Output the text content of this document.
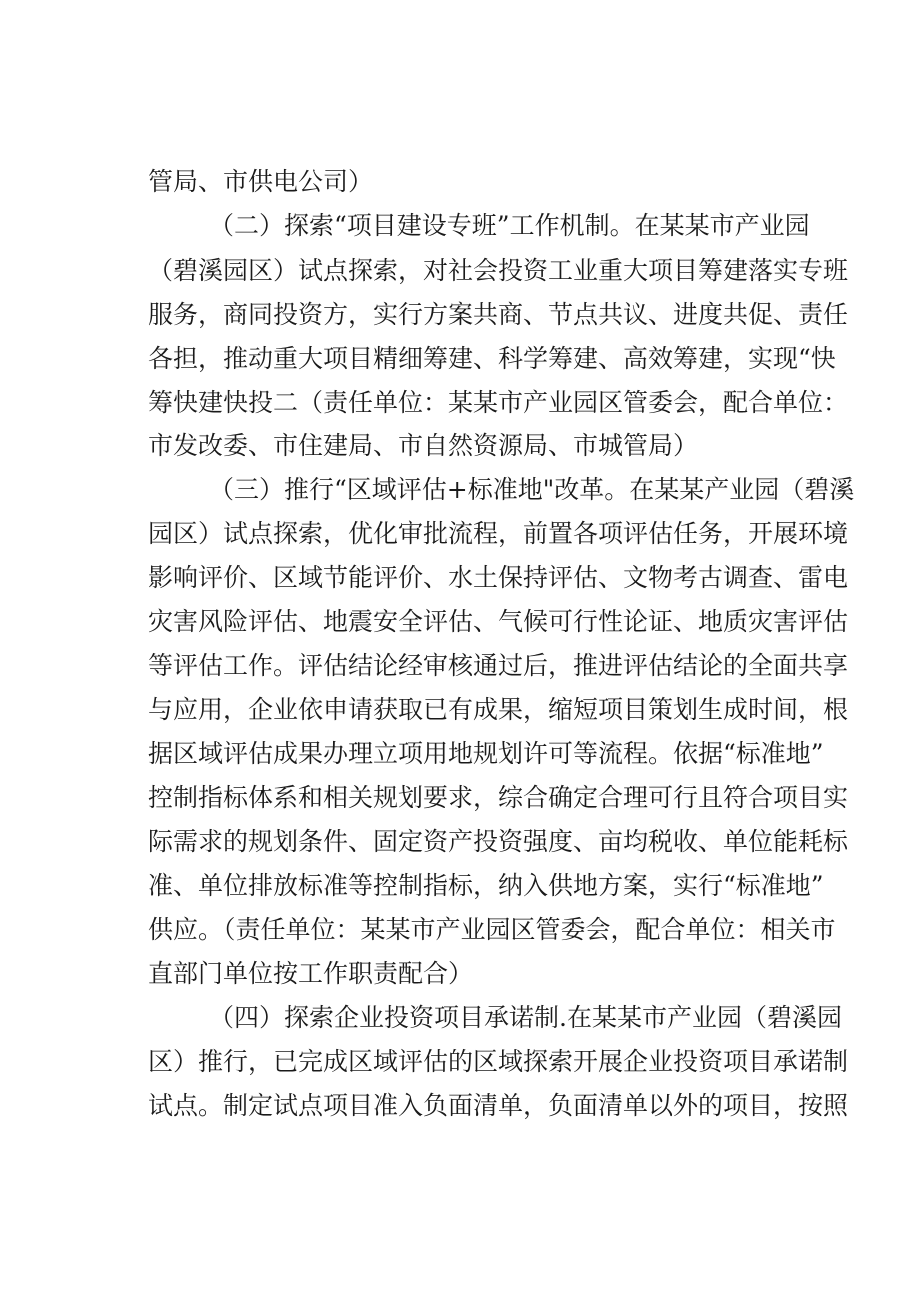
管局、市供电公司）
（二）探索“项目建设专班”工作机制。在某某市产业园
（碧溪园区）试点探索，对社会投资工业重大项目筹建落实专班
服务，商同投资方，实行方案共商、节点共议、进度共促、责任
各担，推动重大项目精细筹建、科学筹建、高效筹建，实现“快
筹快建快投二（责任单位：某某市产业园区管委会，配合单位：
市发改委、市住建局、市自然资源局、市城管局）
（三）推行“区域评估+标准地"改革。在某某产业园（碧溪
园区）试点探索，优化审批流程，前置各项评估任务，开展环境
影响评价、区域节能评价、水土保持评估、文物考古调查、雷电
灾害风险评估、地震安全评估、气候可行性论证、地质灾害评估
等评估工作。评估结论经审核通过后，推进评估结论的全面共享
与应用，企业依申请获取已有成果，缩短项目策划生成时间，根
据区域评估成果办理立项用地规划许可等流程。依据“标准地”
控制指标体系和相关规划要求，综合确定合理可行且符合项目实
际需求的规划条件、固定资产投资强度、亩均税收、单位能耗标
准、单位排放标准等控制指标，纳入供地方案，实行“标准地”
供应。（责任单位：某某市产业园区管委会，配合单位：相关市
直部门单位按工作职责配合）
（四）探索企业投资项目承诺制.在某某市产业园（碧溪园
区）推行，已完成区域评估的区域探索开展企业投资项目承诺制
试点。制定试点项目准入负面清单，负面清单以外的项目，按照
